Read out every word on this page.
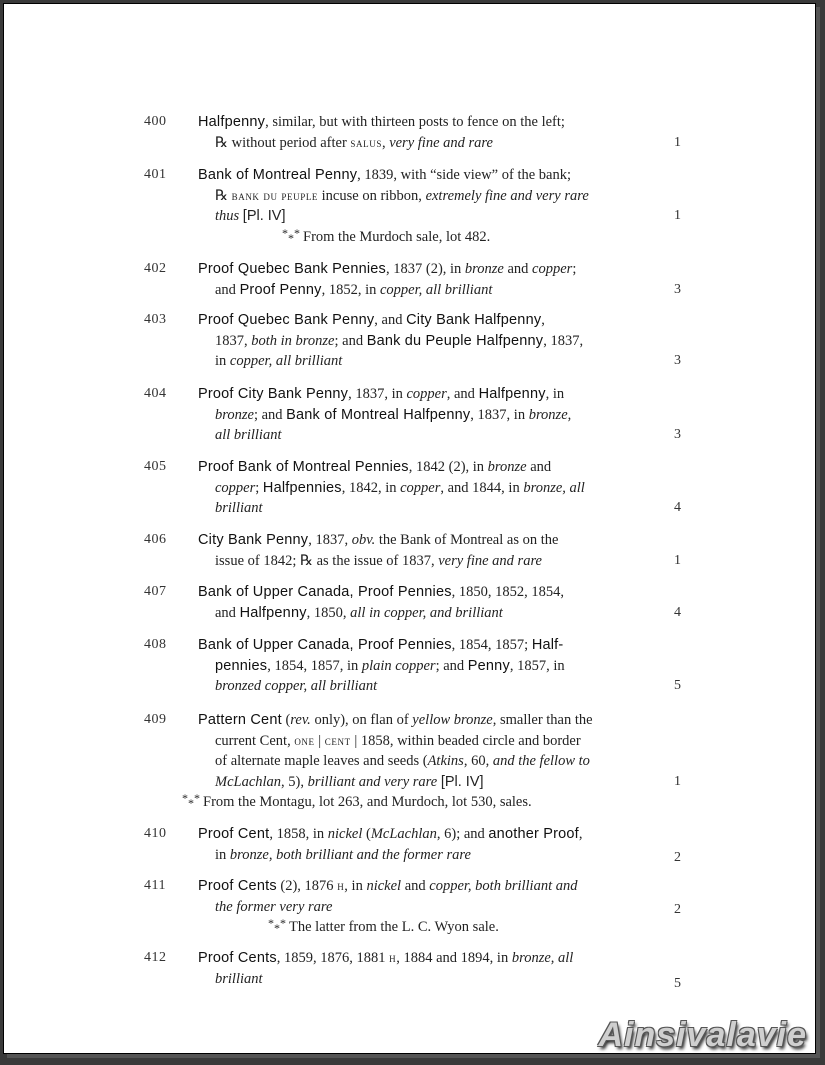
400 Halfpenny, similar, but with thirteen posts to fence on the left;
℞ without period after salus, very fine and rare	1
401 Bank of Montreal Penny, 1839, with “side view” of the bank;
℞ bank du peuple incuse on ribbon, extremely fine and very rare
thus [Pl. IV]	1
*** From the Murdoch sale, lot 482.
402 Proof Quebec Bank Pennies, 1837 (2), in bronze and copper;
and Proof Penny, 1852, in copper, all brilliant	3
403 Proof Quebec Bank Penny, and City Bank Halfpenny,
1837, both in bronze; and Bank du Peuple Halfpenny, 1837,
in copper, all brilliant	3
404 Proof City Bank Penny, 1837, in copper, and Halfpenny, in
bronze; and Bank of Montreal Halfpenny, 1837, in bronze,
all brilliant	3
405 Proof Bank of Montreal Pennies, 1842 (2), in bronze and
copper; Halfpennies, 1842, in copper, and 1844, in bronze, all
brilliant	4
406 City Bank Penny, 1837, obv. the Bank of Montreal as on the
issue of 1842; ℞ as the issue of 1837, very fine and rare	1
407 Bank of Upper Canada, Proof Pennies, 1850, 1852, 1854,
and Halfpenny, 1850, all in copper, and brilliant	4
408 Bank of Upper Canada, Proof Pennies, 1854, 1857; Half-
pennies, 1854, 1857, in plain copper; and Penny, 1857, in
bronzed copper, all brilliant	5
409 Pattern Cent (rev. only), on flan of yellow bronze, smaller than the
current Cent, one | cent | 1858, within beaded circle and border
of alternate maple leaves and seeds (Atkins, 60, and the fellow to
McLachlan, 5), brilliant and very rare [Pl. IV]	1
*** From the Montagu, lot 263, and Murdoch, lot 530, sales.
410 Proof Cent, 1858, in nickel (McLachlan, 6); and another Proof,
in bronze, both brilliant and the former rare	2
411 Proof Cents (2), 1876 h, in nickel and copper, both brilliant and
the former very rare	2
*** The latter from the L. C. Wyon sale.
412 Proof Cents, 1859, 1876, 1881 h, 1884 and 1894, in bronze, all
brilliant	5
Ainsivalavie
